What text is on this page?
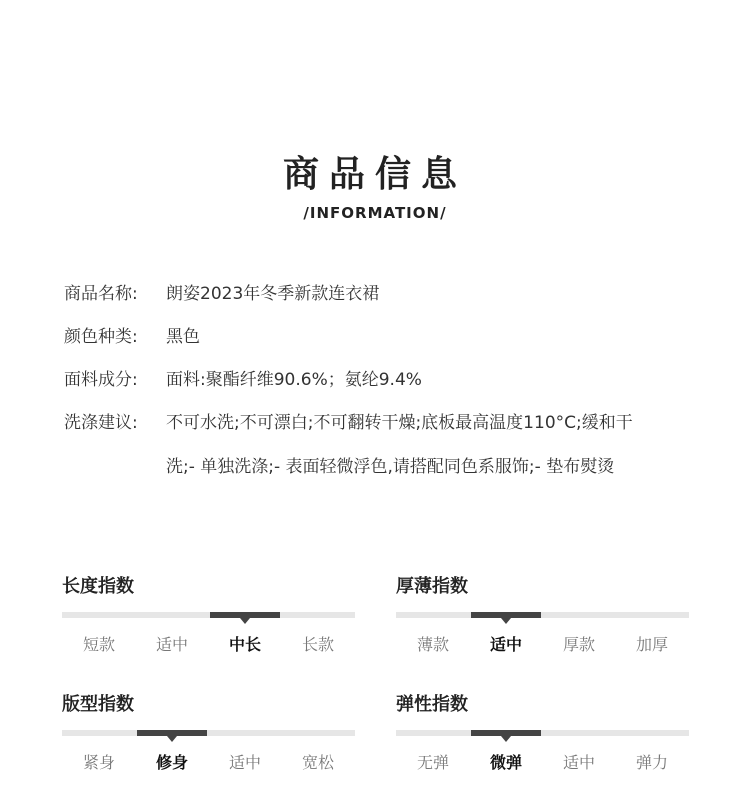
商品信息
/INFORMATION/
商品名称: 朗姿2023年冬季新款连衣裙
颜色种类: 黑色
面料成分: 面料:聚酯纤维90.6%；氨纶9.4%
洗涤建议: 不可水洗;不可漂白;不可翻转干燥;底板最高温度110°C;缓和干
洗;- 单独洗涤;- 表面轻微浮色,请搭配同色系服饰;- 垫布熨烫
长度指数
短款	适中	中长	长款
厚薄指数
薄款	适中	厚款	加厚
版型指数
紧身	修身	适中	宽松
弹性指数
无弹	微弹	适中	弹力
